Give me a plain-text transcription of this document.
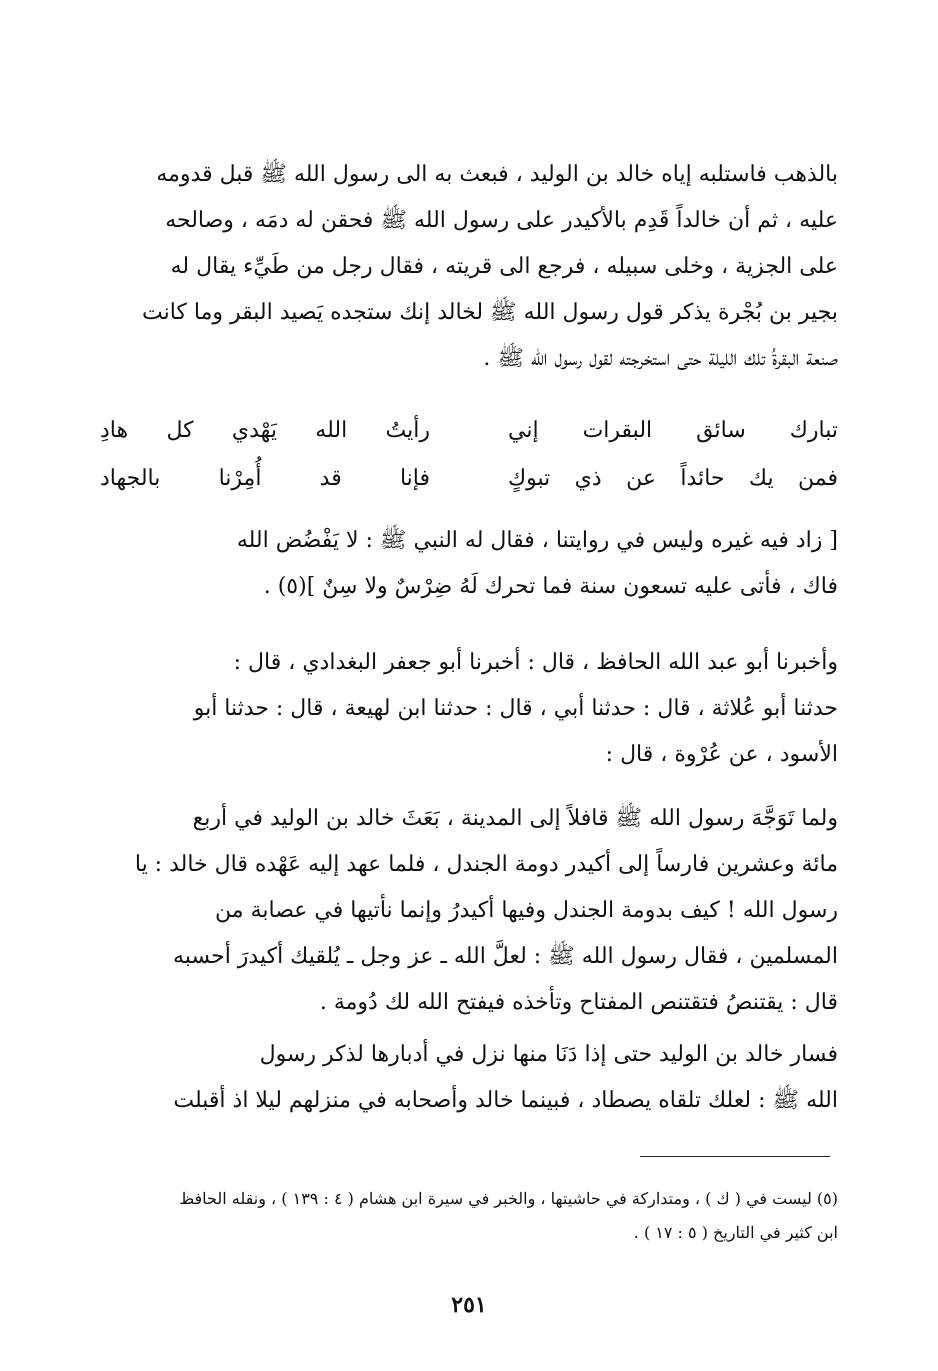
بالذهب فاستلبه إياه خالد بن الوليد ، فبعث به الى رسول الله ﷺ قبل قدومه
عليه ، ثم أن خالداً قَدِم بالأكيدر على رسول الله ﷺ فحقن له دمَه ، وصالحه
على الجزية ، وخلى سبيله ، فرجع الى قريته ، فقال رجل من طَيِّء يقال له
بجير بن بُجْرة يذكر قول رسول الله ﷺ لخالد إنك ستجده يَصيد البقر وما كانت
صنعة البقرةُ تلك الليلة حتى استخرجته لقول رسول الله ﷺ .
تبارك سائق البقرات إني
رأيتُ الله يَهْدي كل هادِ
فمن يك حائداً عن ذي تبوكٍ
فإنا قد أُمِرْنا بالجهاد
[ زاد فيه غيره وليس في روايتنا ، فقال له النبي ﷺ : لا يَفْضُض الله
فاك ، فأتى عليه تسعون سنة فما تحرك لَهُ ضِرْسٌ ولا سِنٌ ](٥) .
وأخبرنا أبو عبد الله الحافظ ، قال : أخبرنا أبو جعفر البغدادي ، قال :
حدثنا أبو عُلاثة ، قال : حدثنا أبي ، قال : حدثنا ابن لهيعة ، قال : حدثنا أبو
الأسود ، عن عُرْوة ، قال :
ولما تَوَجَّهَ رسول الله ﷺ قافلاً إلى المدينة ، بَعَثَ خالد بن الوليد في أربع
مائة وعشرين فارساً إلى أكيدر دومة الجندل ، فلما عهد إليه عَهْده قال خالد : يا
رسول الله ! كيف بدومة الجندل وفيها أكيدرُ وإنما نأتيها في عصابة من
المسلمين ، فقال رسول الله ﷺ : لعلَّ الله ـ عز وجل ـ يُلقيك أكيدرَ أحسبه
قال : يقتنصُ فتقتنص المفتاح وتأخذه فيفتح الله لك دُومة .
فسار خالد بن الوليد حتى إذا دَنَا منها نزل في أدبارها لذكر رسول
الله ﷺ : لعلك تلقاه يصطاد ، فبينما خالد وأصحابه في منزلهم ليلا اذ أقبلت
(٥) ليست في ( ك ) ، ومتداركة في حاشيتها ، والخبر في سيرة ابن هشام ( ٤ : ١٣٩ ) ، ونقله الحافظ
ابن كثير في التاريخ ( ٥ : ١٧ ) .
٢٥١
